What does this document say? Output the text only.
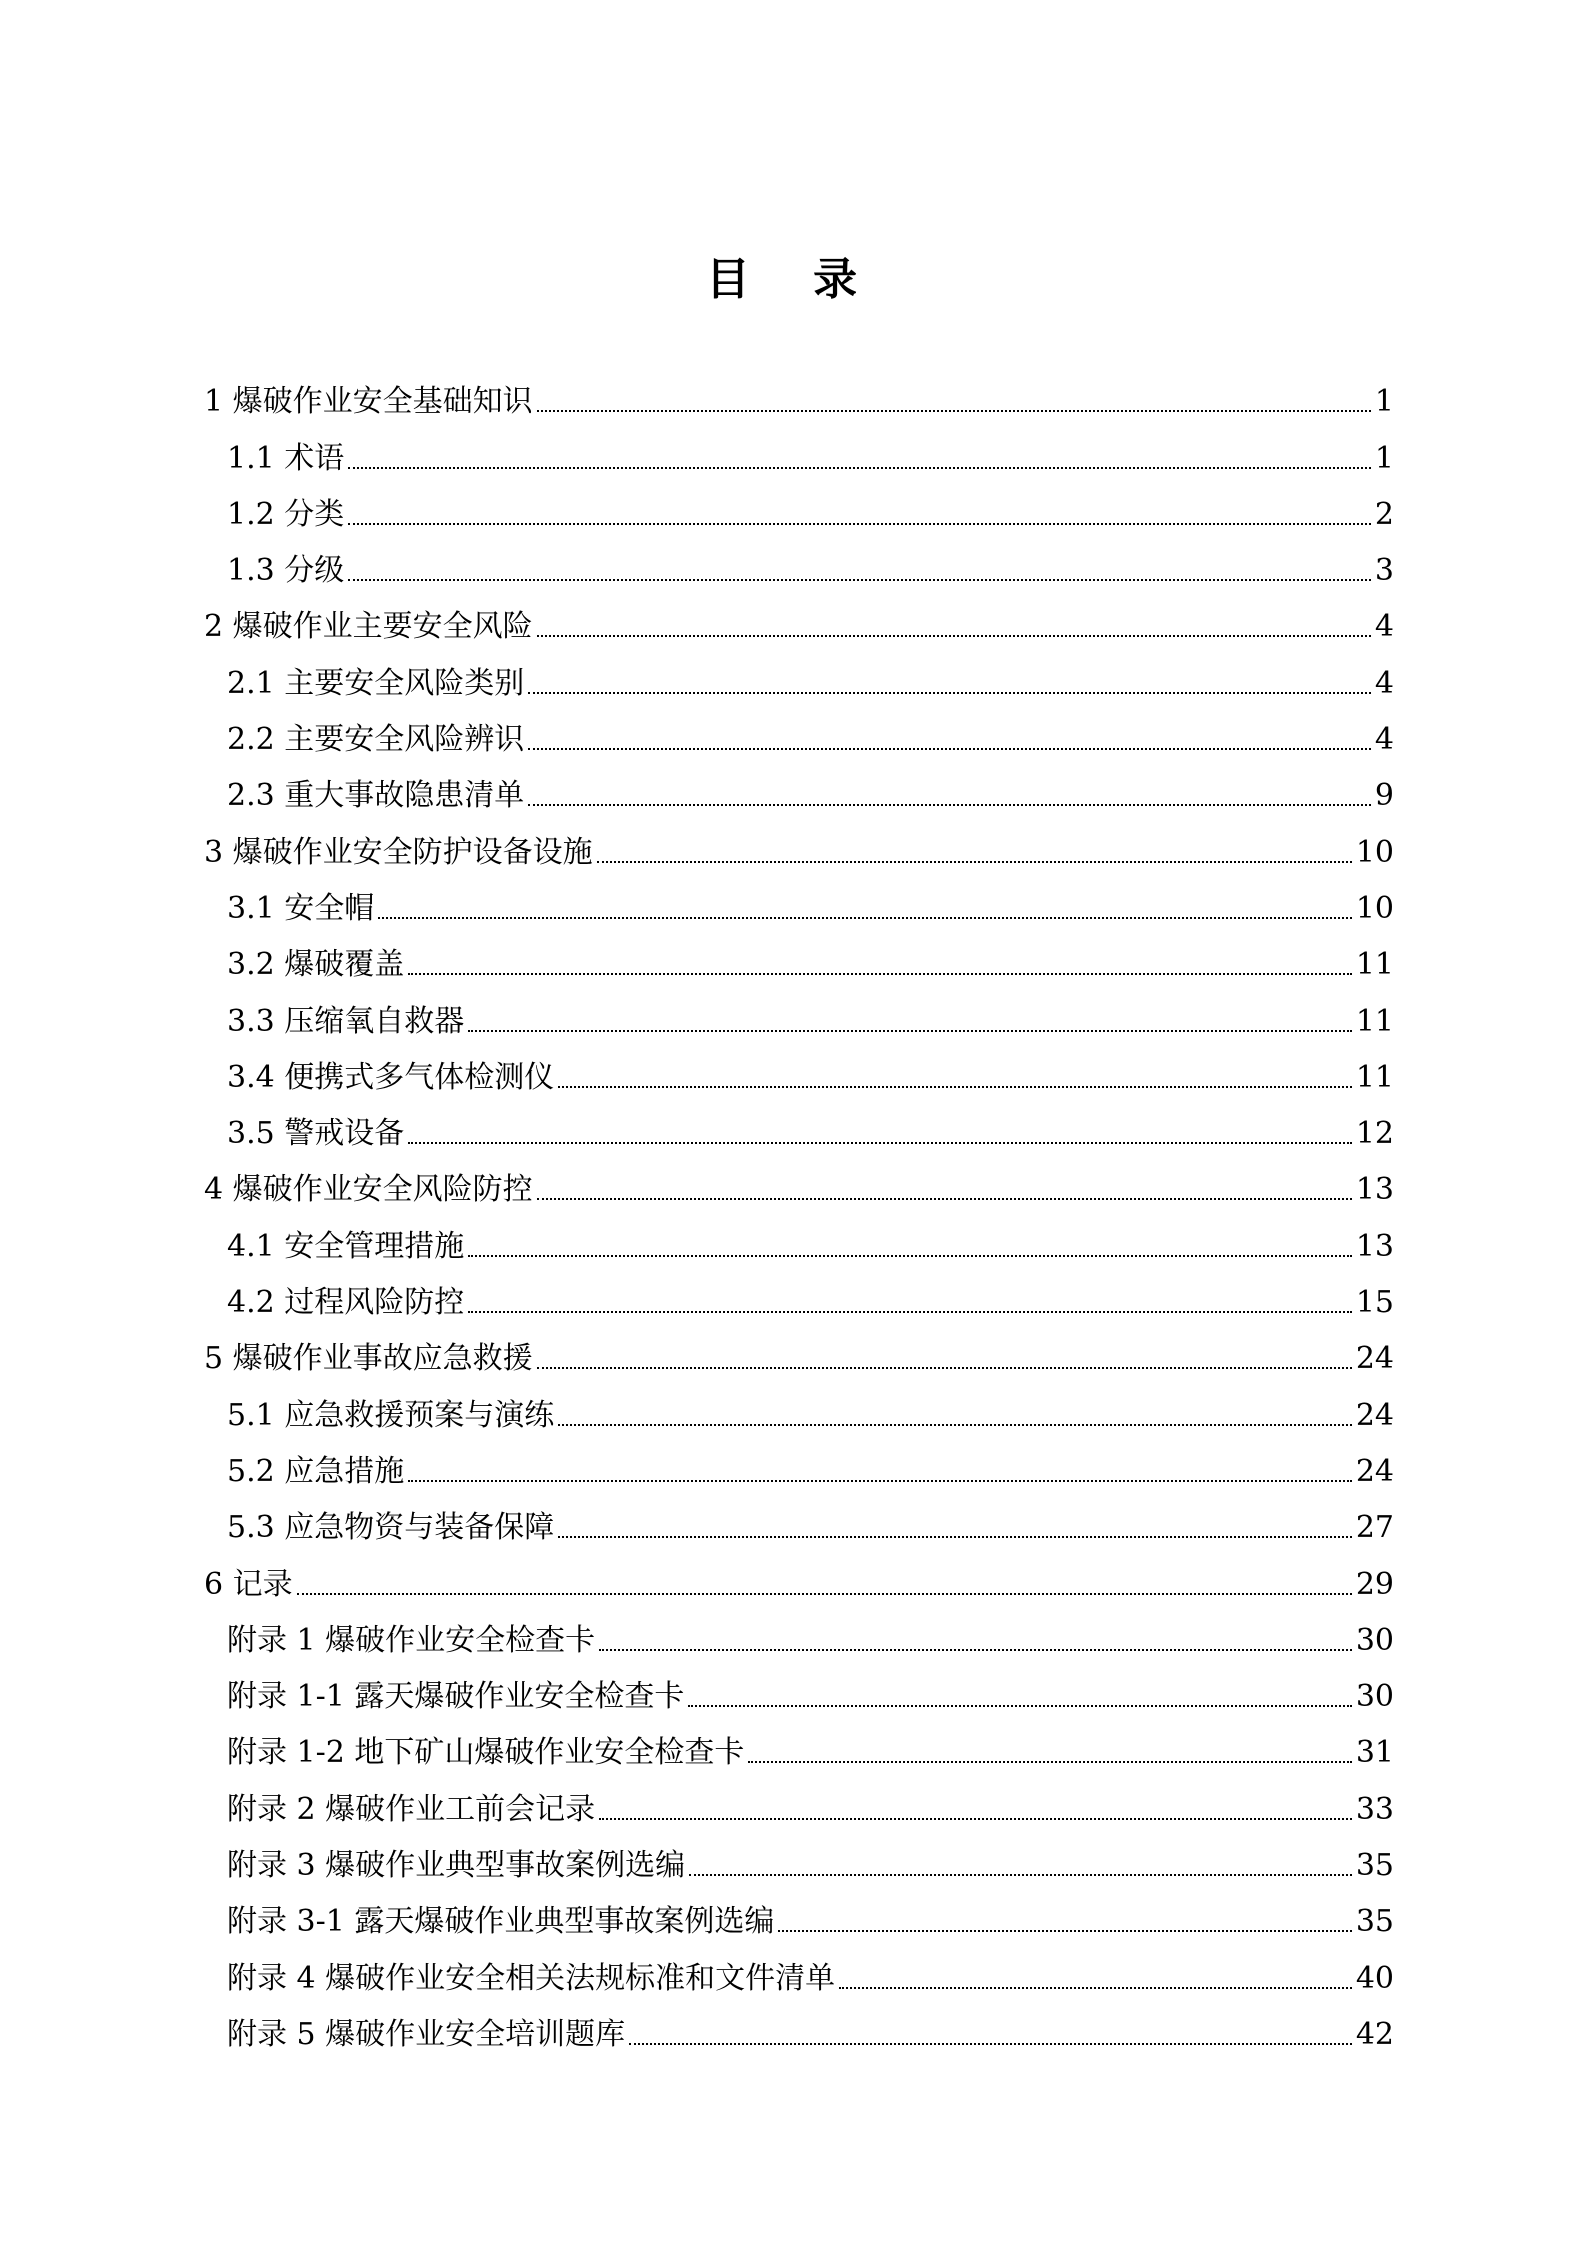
目 录
1 爆破作业安全基础知识	1
1.1 术语	1
1.2 分类	2
1.3 分级	3
2 爆破作业主要安全风险	4
2.1 主要安全风险类别	4
2.2 主要安全风险辨识	4
2.3 重大事故隐患清单	9
3 爆破作业安全防护设备设施	10
3.1 安全帽	10
3.2 爆破覆盖	11
3.3 压缩氧自救器	11
3.4 便携式多气体检测仪	11
3.5 警戒设备	12
4 爆破作业安全风险防控	13
4.1 安全管理措施	13
4.2 过程风险防控	15
5 爆破作业事故应急救援	24
5.1 应急救援预案与演练	24
5.2 应急措施	24
5.3 应急物资与装备保障	27
6 记录	29
附录 1 爆破作业安全检查卡	30
附录 1-1 露天爆破作业安全检查卡	30
附录 1-2 地下矿山爆破作业安全检查卡	31
附录 2 爆破作业工前会记录	33
附录 3 爆破作业典型事故案例选编	35
附录 3-1 露天爆破作业典型事故案例选编	35
附录 4 爆破作业安全相关法规标准和文件清单	40
附录 5 爆破作业安全培训题库	42
